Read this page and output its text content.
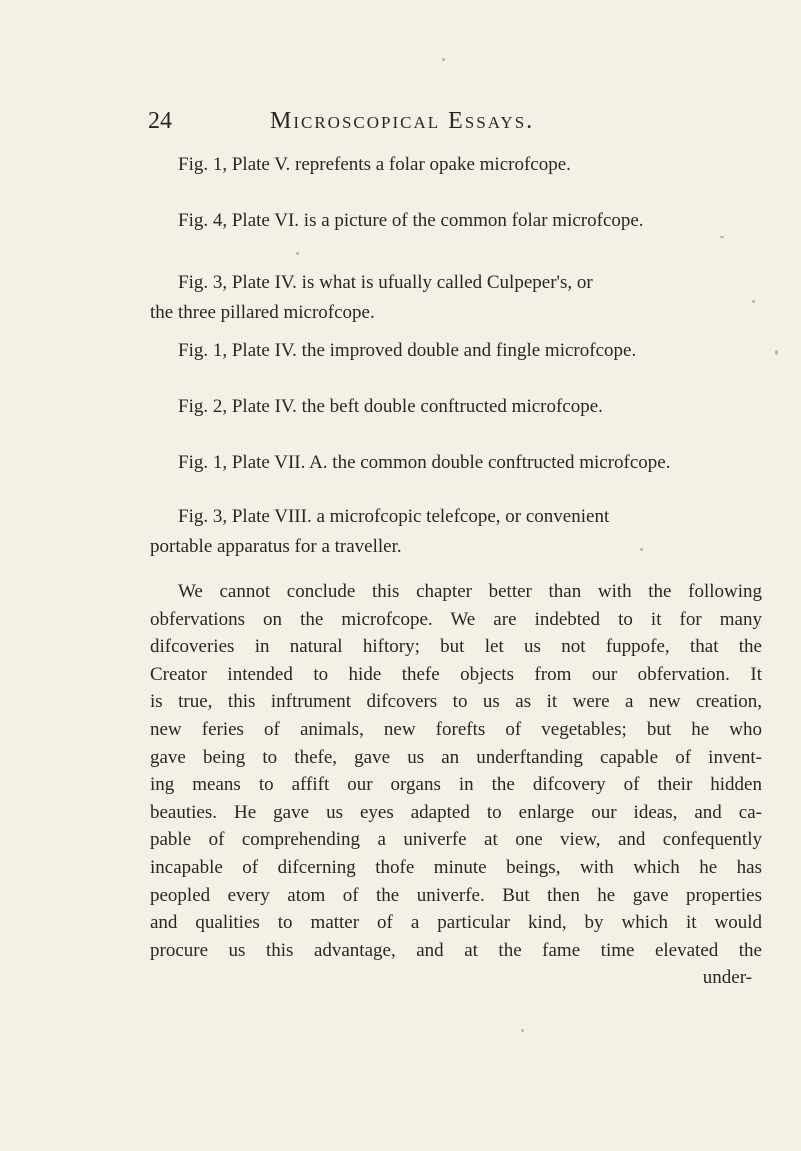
24	Microscopical Essays.
Fig. 1, Plate V. reprefents a folar opake microfcope.
Fig. 4, Plate VI. is a picture of the common folar microfcope.
Fig. 3, Plate IV. is what is ufually called Culpeper's, or
the three pillared microfcope.
Fig. 1, Plate IV. the improved double and fingle microfcope.
Fig. 2, Plate IV. the beft double conftructed microfcope.
Fig. 1, Plate VII. A. the common double conftructed microfcope.
Fig. 3, Plate VIII. a microfcopic telefcope, or convenient
portable apparatus for a traveller.
We cannot conclude this chapter better than with the following
obfervations on the microfcope. We are indebted to it for many
difcoveries in natural hiftory; but let us not fuppofe, that the
Creator intended to hide thefe objects from our obfervation. It
is true, this inftrument difcovers to us as it were a new creation,
new feries of animals, new forefts of vegetables; but he who
gave being to thefe, gave us an underftanding capable of invent-
ing means to affift our organs in the difcovery of their hidden
beauties. He gave us eyes adapted to enlarge our ideas, and ca-
pable of comprehending a univerfe at one view, and confequently
incapable of difcerning thofe minute beings, with which he has
peopled every atom of the univerfe. But then he gave properties
and qualities to matter of a particular kind, by which it would
procure us this advantage, and at the fame time elevated the
under-
